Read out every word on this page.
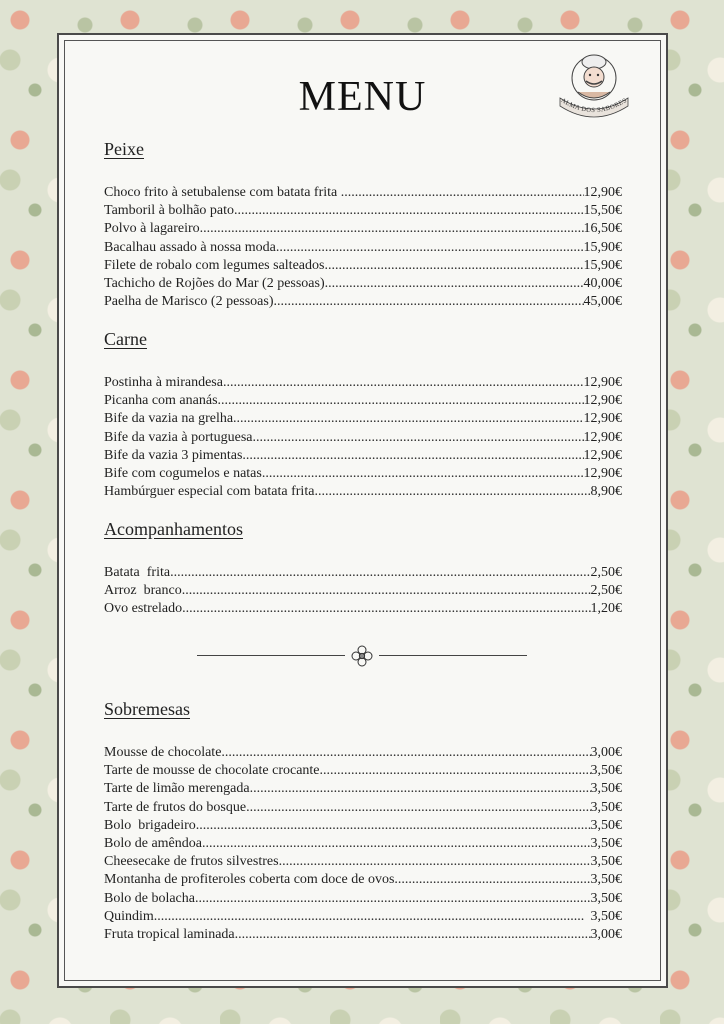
MENU	ALMA DOS SABORES
Peixe
Choco frito à setubalense com batata frita .....	12,90€
Tamboril à bolhão pato .....	15,50€
Polvo à lagareiro .....	16,50€
Bacalhau assado à nossa moda .....	15,90€
Filete de robalo com legumes salteados .....	15,90€
Tachicho de Rojões do Mar (2 pessoas) .....	40,00€
Paelha de Marisco (2 pessoas) .....	45,00€
Carne
Postinha à mirandesa .....	12,90€
Picanha com ananás .....	12,90€
Bife da vazia na grelha .....	12,90€
Bife da vazia à portuguesa .....	12,90€
Bife da vazia 3 pimentas .....	12,90€
Bife com cogumelos e natas .....	12,90€
Hambúrguer especial com batata frita .....	8,90€
Acompanhamentos
Batata  frita .....	2,50€
Arroz  branco .....	2,50€
Ovo estrelado .....	1,20€
Sobremesas
Mousse de chocolate .....	3,00€
Tarte de mousse de chocolate crocante .....	3,50€
Tarte de limão merengada .....	3,50€
Tarte de frutos do bosque .....	3,50€
Bolo  brigadeiro .....	3,50€
Bolo de amêndoa .....	3,50€
Cheesecake de frutos silvestres .....	3,50€
Montanha de profiteroles coberta com doce de ovos .....	3,50€
Bolo de bolacha .....	3,50€
Quindim .....	3,50€
Fruta tropical laminada .....	3,00€
